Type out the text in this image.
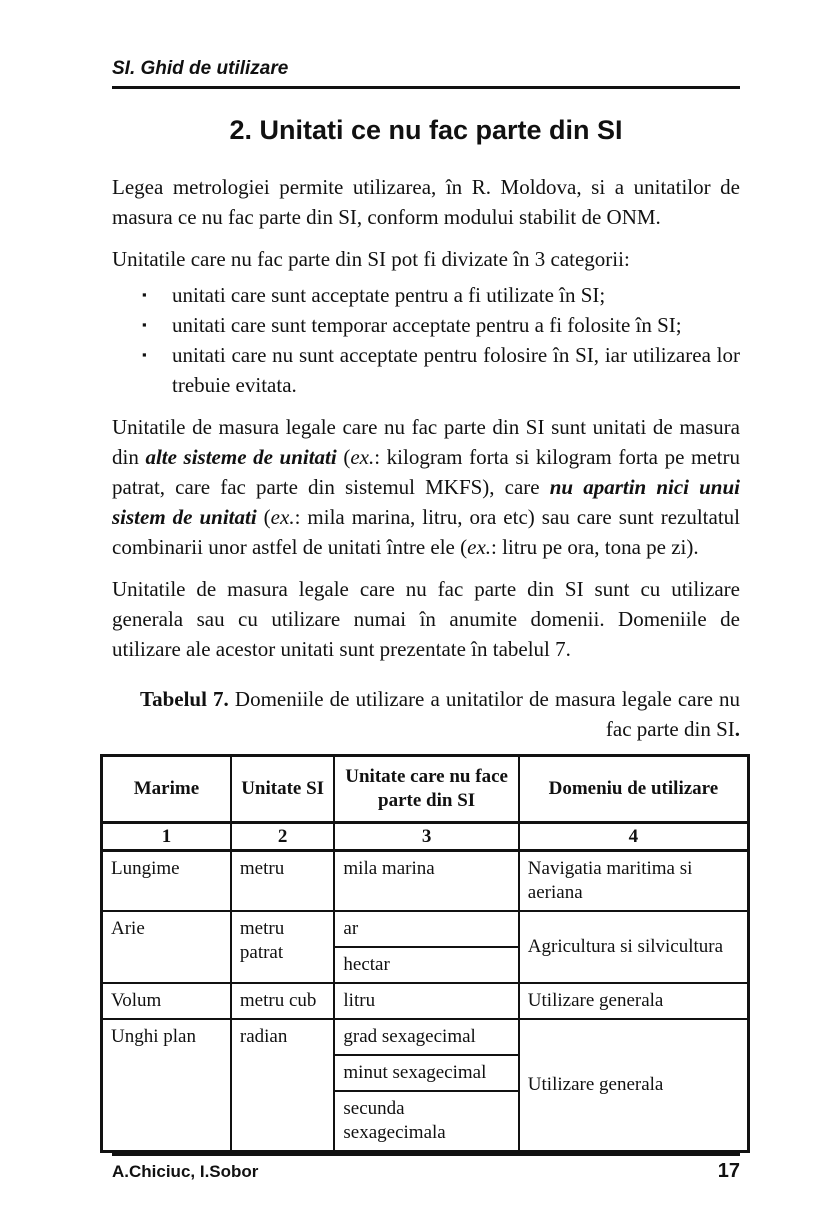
SI. Ghid de utilizare
2. Unitati ce nu fac parte din SI

Legea metrologiei permite utilizarea, în R. Moldova, si a unitatilor de masura ce nu fac parte din SI, conform modului stabilit de ONM.

Unitatile care nu fac parte din SI pot fi divizate în 3 categorii:

▪	unitati care sunt acceptate pentru a fi utilizate în SI;
▪	unitati care sunt temporar acceptate pentru a fi folosite în SI;
▪	unitati care nu sunt acceptate pentru folosire în SI, iar utilizarea lor trebuie evitata.

Unitatile de masura legale care nu fac parte din SI sunt unitati de masura din alte sisteme de unitati (ex.: kilogram forta si kilogram forta pe metru patrat, care fac parte din sistemul MKFS), care nu apartin nici unui sistem de unitati (ex.: mila marina, litru, ora etc) sau care sunt rezultatul combinarii unor astfel de unitati între ele (ex.: litru pe ora, tona pe zi).

Unitatile de masura legale care nu fac parte din SI sunt cu utilizare generala sau cu utilizare numai în anumite domenii. Domeniile de utilizare ale acestor unitati sunt prezentate în tabelul 7.

Tabelul 7. Domeniile de utilizare a unitatilor de masura legale care nu fac parte din SI.

Marime	Unitate SI	Unitate care nu face parte din SI	Domeniu de utilizare
1	2	3	4
Lungime	metru	mila marina	Navigatia maritima si aeriana
Arie	metru patrat	ar	Agricultura si silvicultura
		hectar	
Volum	metru cub	litru	Utilizare generala
Unghi plan	radian	grad sexagecimal	Utilizare generala
		minut sexagecimal	
		secunda sexagecimala	
A.Chiciuc, I.Sobor	17
